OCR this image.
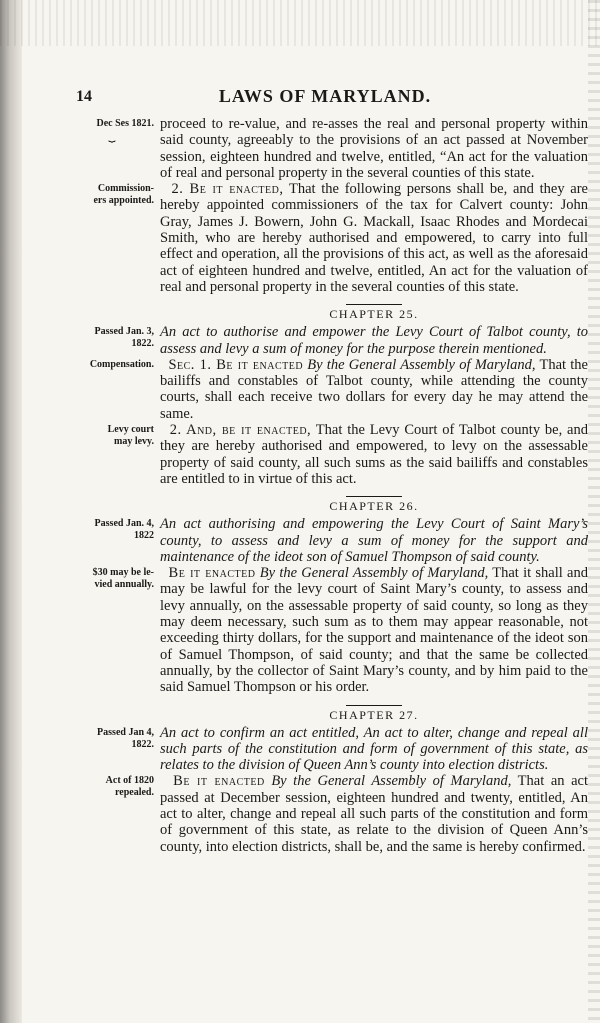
14	LAWS OF MARYLAND.
Dec Ses 1821.
⏟
proceed to re-value, and re-asses the real and personal property within said county, agreeably to the provisions of an act passed at November session, eighteen hundred and twelve, entitled, “An act for the valuation of real and personal property in the several counties of this state.
Commission-
ers appointed.
2. Be it enacted, That the following persons shall be, and they are hereby appointed commissioners of the tax for Calvert county: John Gray, James J. Bowern, John G. Mackall, Isaac Rhodes and Mordecai Smith, who are hereby authorised and empowered, to carry into full effect and operation, all the provisions of this act, as well as the aforesaid act of eighteen hundred and twelve, entitled, An act for the valuation of real and personal property in the several counties of this state.
CHAPTER 25.
Passed Jan. 3,
1822.
An act to authorise and empower the Levy Court of Talbot county, to assess and levy a sum of money for the purpose therein mentioned.
Compensation. Sec. 1. Be it enacted By the General Assembly of Maryland, That the bailiffs and constables of Talbot county, while attending the county courts, shall each receive two dollars for every day he may attend the same.
Levy court
may levy.
2. And, be it enacted, That the Levy Court of Talbot county be, and they are hereby authorised and empowered, to levy on the assessable property of said county, all such sums as the said bailiffs and constables are entitled to in virtue of this act.
CHAPTER 26.
Passed Jan. 4,
1822
An act authorising and empowering the Levy Court of Saint Mary’s county, to assess and levy a sum of money for the support and maintenance of the ideot son of Samuel Thompson of said county.
$30 may be le-
vied annually.
Be it enacted By the General Assembly of Maryland, That it shall and may be lawful for the levy court of Saint Mary’s county, to assess and levy annually, on the assessable property of said county, so long as they may deem necessary, such sum as to them may appear reasonable, not exceeding thirty dollars, for the support and maintenance of the ideot son of Samuel Thompson, of said county; and that the same be collected annually, by the collector of Saint Mary’s county, and by him paid to the said Samuel Thompson or his order.
CHAPTER 27.
Passed Jan 4,
1822.
An act to confirm an act entitled, An act to alter, change and repeal all such parts of the constitution and form of government of this state, as relates to the division of Queen Ann’s county into election districts.
Act of 1820
repealed.
Be it enacted By the General Assembly of Maryland, That an act passed at December session, eighteen hundred and twenty, entitled, An act to alter, change and repeal all such parts of the constitution and form of government of this state, as relate to the division of Queen Ann’s county, into election districts, shall be, and the same is hereby confirmed.
